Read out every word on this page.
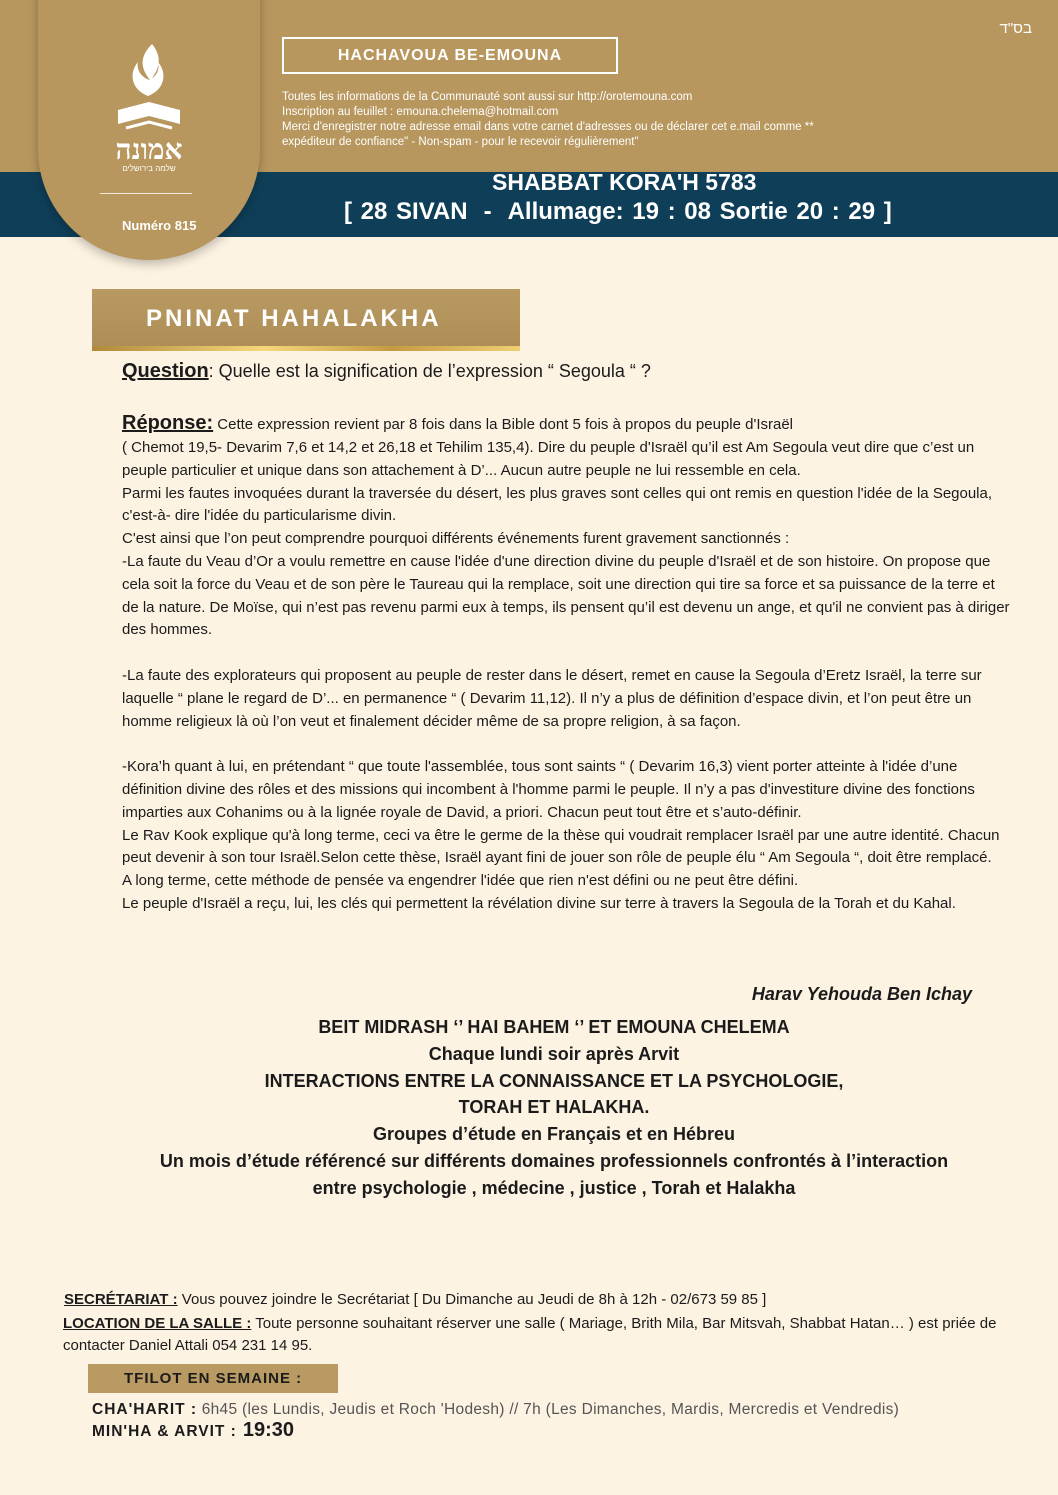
בס"ד
HACHAVOUA BE-EMOUNA
Toutes les informations de la Communauté sont aussi sur http://orotemouna.com
Inscription au feuillet : emouna.chelema@hotmail.com
Merci d'enregistrer notre adresse email dans votre carnet d'adresses ou de déclarer cet e.mail comme **
expéditeur de confiance" - Non-spam - pour le recevoir régulièrement"
SHABBAT KORA'H 5783
[ 28 SIVAN - Allumage: 19 : 08 Sortie 20 : 29 ]
אמונה
שלמה בירושלים
Numéro 815
PNINAT HAHALAKHA
Question: Quelle est la signification de l’expression “ Segoula “ ?
Réponse: Cette expression revient par 8 fois dans la Bible dont 5 fois à propos du peuple d'Israël

( Chemot 19,5- Devarim 7,6 et 14,2 et 26,18 et Tehilim 135,4). Dire du peuple d'Israël qu’il est Am Segoula veut dire que c’est un peuple particulier et unique dans son attachement à D’... Aucun autre peuple ne lui ressemble en cela.

Parmi les fautes invoquées durant la traversée du désert, les plus graves sont celles qui ont remis en question l'idée de la Segoula, c'est-à- dire l'idée du particularisme divin.

C'est ainsi que l’on peut comprendre pourquoi différents événements furent gravement sanctionnés :

-La faute du Veau d’Or a voulu remettre en cause l'idée d'une direction divine du peuple d'Israël et de son histoire. On propose que cela soit la force du Veau et de son père le Taureau qui la remplace, soit une direction qui tire sa force et sa puissance de la terre et de la nature. De Moïse, qui n’est pas revenu parmi eux à temps, ils pensent qu’il est devenu un ange, et qu'il ne convient pas à diriger des hommes.

-La faute des explorateurs qui proposent au peuple de rester dans le désert, remet en cause la Segoula d’Eretz Israël, la terre sur laquelle “ plane le regard de D’... en permanence “ ( Devarim 11,12). Il n’y a plus de définition d’espace divin, et l’on peut être un homme religieux là où l’on veut et finalement décider même de sa propre religion, à sa façon.

-Kora’h quant à lui, en prétendant “ que toute l'assemblée, tous sont saints “ ( Devarim 16,3) vient porter atteinte à l'idée d’une définition divine des rôles et des missions qui incombent à l'homme parmi le peuple. Il n’y a pas d'investiture divine des fonctions imparties aux Cohanims ou à la lignée royale de David, a priori. Chacun peut tout être et s’auto-définir.

Le Rav Kook explique qu'à long terme, ceci va être le germe de la thèse qui voudrait remplacer Israël par une autre identité. Chacun peut devenir à son tour Israël.Selon cette thèse, Israël ayant fini de jouer son rôle de peuple élu “ Am Segoula “, doit être remplacé.

A long terme, cette méthode de pensée va engendrer l'idée que rien n'est défini ou ne peut être défini.

Le peuple d'Israël a reçu, lui, les clés qui permettent la révélation divine sur terre à travers la Segoula de la Torah et du Kahal.

Harav Yehouda Ben Ichay
BEIT MIDRASH ‘’ HAI BAHEM ‘’ ET EMOUNA CHELEMA
Chaque lundi soir après Arvit
INTERACTIONS ENTRE LA CONNAISSANCE ET LA PSYCHOLOGIE,
TORAH ET HALAKHA.
Groupes d’étude en Français et en Hébreu
Un mois d’étude référencé sur différents domaines professionnels confrontés à l’interaction
entre psychologie , médecine , justice , Torah et Halakha
SECRÉTARIAT : Vous pouvez joindre le Secrétariat [ Du Dimanche au Jeudi de 8h à 12h - 02/673 59 85 ]
LOCATION DE LA SALLE : Toute personne souhaitant réserver une salle ( Mariage, Brith Mila, Bar Mitsvah, Shabbat Hatan… ) est priée de contacter Daniel Attali 054 231 14 95.
TFILOT EN SEMAINE :
CHA'HARIT : 6h45 (les Lundis, Jeudis et Roch 'Hodesh) // 7h (Les Dimanches, Mardis, Mercredis et Vendredis)
MIN'HA & ARVIT : 19:30
